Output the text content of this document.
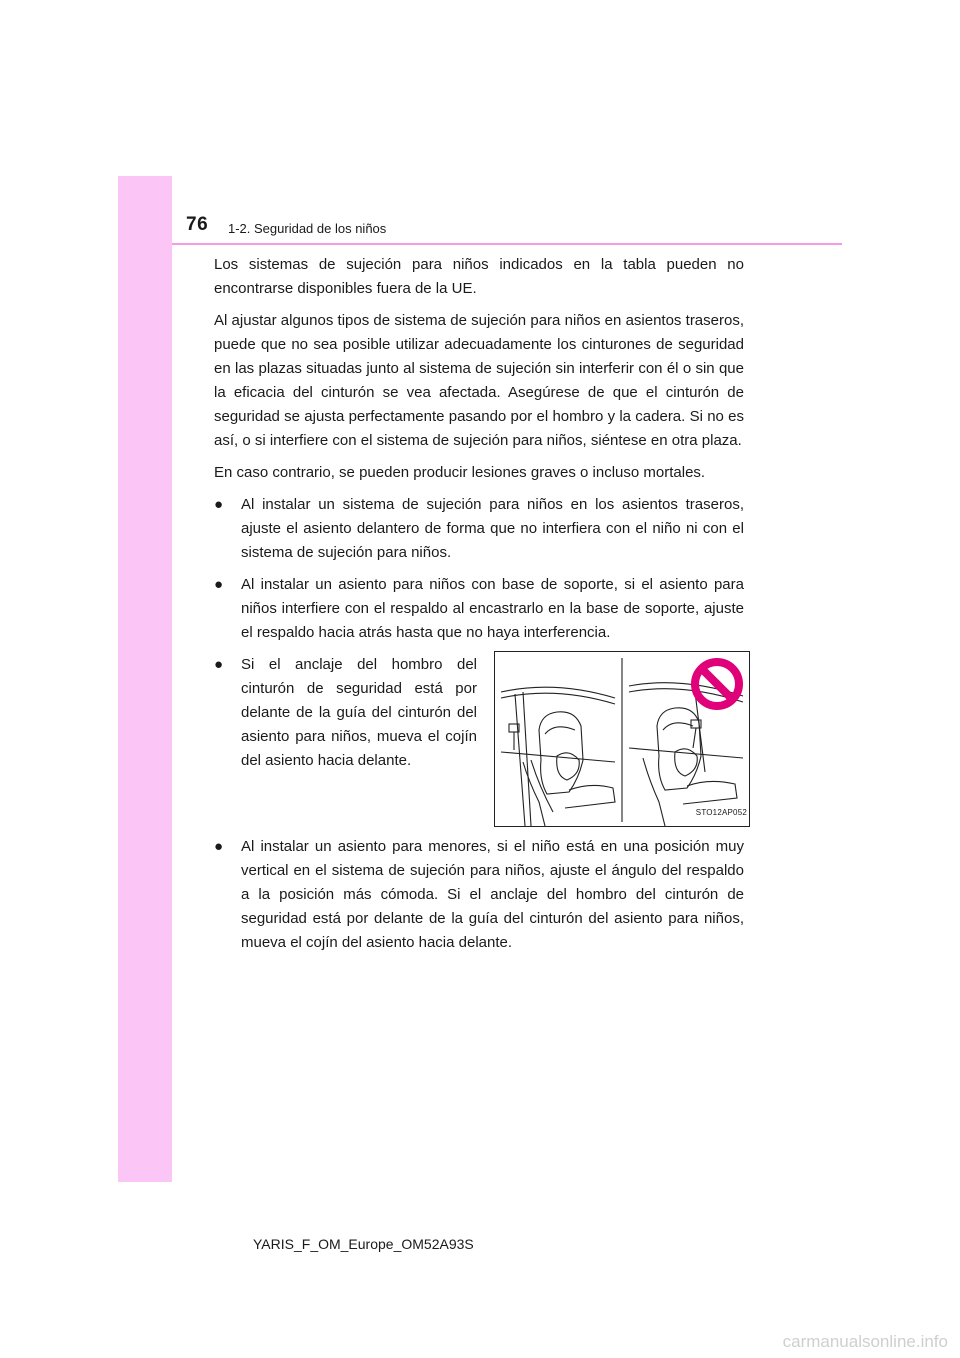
76 1-2. Seguridad de los niños

Los sistemas de sujeción para niños indicados en la tabla pueden no encontrarse disponibles fuera de la UE.

Al ajustar algunos tipos de sistema de sujeción para niños en asientos traseros, puede que no sea posible utilizar adecuadamente los cinturones de seguridad en las plazas situadas junto al sistema de sujeción sin interferir con él o sin que la eficacia del cinturón se vea afectada. Asegúrese de que el cinturón de seguridad se ajusta perfectamente pasando por el hombro y la cadera. Si no es así, o si interfiere con el sistema de sujeción para niños, siéntese en otra plaza.

En caso contrario, se pueden producir lesiones graves o incluso mortales.

● Al instalar un sistema de sujeción para niños en los asientos traseros, ajuste el asiento delantero de forma que no interfiera con el niño ni con el sistema de sujeción para niños.
● Al instalar un asiento para niños con base de soporte, si el asiento para niños interfiere con el respaldo al encastrarlo en la base de soporte, ajuste el respaldo hacia atrás hasta que no haya interferencia.
● Si el anclaje del hombro del cinturón de seguridad está por delante de la guía del cinturón del asiento para niños, mueva el cojín del asiento hacia delante.
STO12AP052
● Al instalar un asiento para menores, si el niño está en una posición muy vertical en el sistema de sujeción para niños, ajuste el ángulo del respaldo a la posición más cómoda. Si el anclaje del hombro del cinturón de seguridad está por delante de la guía del cinturón del asiento para niños, mueva el cojín del asiento hacia delante.
YARIS_F_OM_Europe_OM52A93S
carmanualsonline.info
